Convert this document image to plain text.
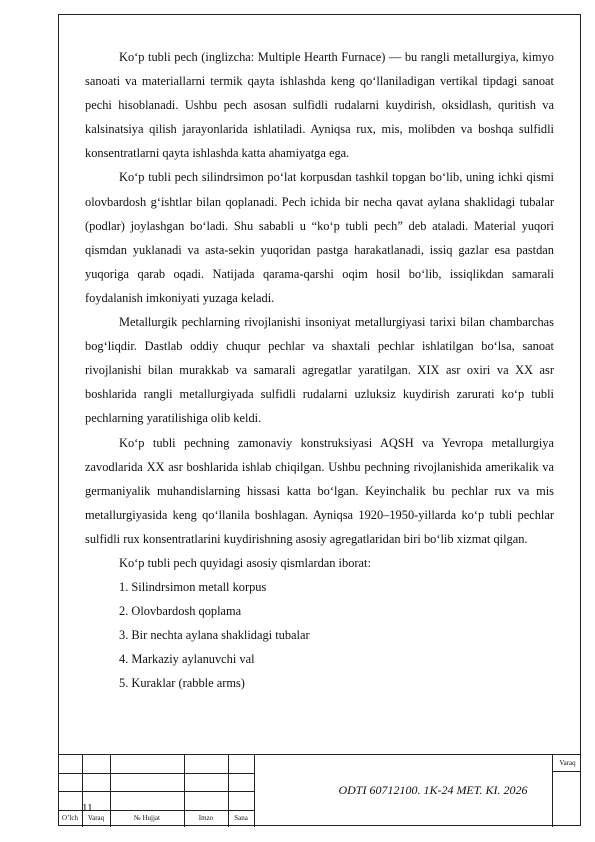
Ko‘p tubli pech (inglizcha: Multiple Hearth Furnace) — bu rangli metallurgiya, kimyo sanoati va materiallarni termik qayta ishlashda keng qo‘llaniladigan vertikal tipdagi sanoat pechi hisoblanadi. Ushbu pech asosan sulfidli rudalarni kuydirish, oksidlash, quritish va kalsinatsiya qilish jarayonlarida ishlatiladi. Ayniqsa rux, mis, molibden va boshqa sulfidli konsentratlarni qayta ishlashda katta ahamiyatga ega.

Ko‘p tubli pech silindrsimon po‘lat korpusdan tashkil topgan bo‘lib, uning ichki qismi olovbardosh g‘ishtlar bilan qoplanadi. Pech ichida bir necha qavat aylana shaklidagi tubalar (podlar) joylashgan bo‘ladi. Shu sababli u “ko‘p tubli pech” deb ataladi. Material yuqori qismdan yuklanadi va asta-sekin yuqoridan pastga harakatlanadi, issiq gazlar esa pastdan yuqoriga qarab oqadi. Natijada qarama-qarshi oqim hosil bo‘lib, issiqlikdan samarali foydalanish imkoniyati yuzaga keladi.

Metallurgik pechlarning rivojlanishi insoniyat metallurgiyasi tarixi bilan chambarchas bog‘liqdir. Dastlab oddiy chuqur pechlar va shaxtali pechlar ishlatilgan bo‘lsa, sanoat rivojlanishi bilan murakkab va samarali agregatlar yaratilgan. XIX asr oxiri va XX asr boshlarida rangli metallurgiyada sulfidli rudalarni uzluksiz kuydirish zarurati ko‘p tubli pechlarning yaratilishiga olib keldi.

Ko‘p tubli pechning zamonaviy konstruksiyasi AQSH va Yevropa metallurgiya zavodlarida XX asr boshlarida ishlab chiqilgan. Ushbu pechning rivojlanishida amerikalik va germaniyalik muhandislarning hissasi katta bo‘lgan. Keyinchalik bu pechlar rux va mis metallurgiyasida keng qo‘llanila boshlagan. Ayniqsa 1920–1950-yillarda ko‘p tubli pechlar sulfidli rux konsentratlarini kuydirishning asosiy agregatlaridan biri bo‘lib xizmat qilgan.

Ko‘p tubli pech quyidagi asosiy qismlardan iborat:

1. Silindrsimon metall korpus

2. Olovbardosh qoplama

3. Bir nechta aylana shaklidagi tubalar

4. Markaziy aylanuvchi val

5. Kuraklar (rabble arms)

Varaq
11
ODTI 60712100. 1K-24 MET. KI. 2026
O’lch	Varaq	№ Hujjat	Imzo	Sana
